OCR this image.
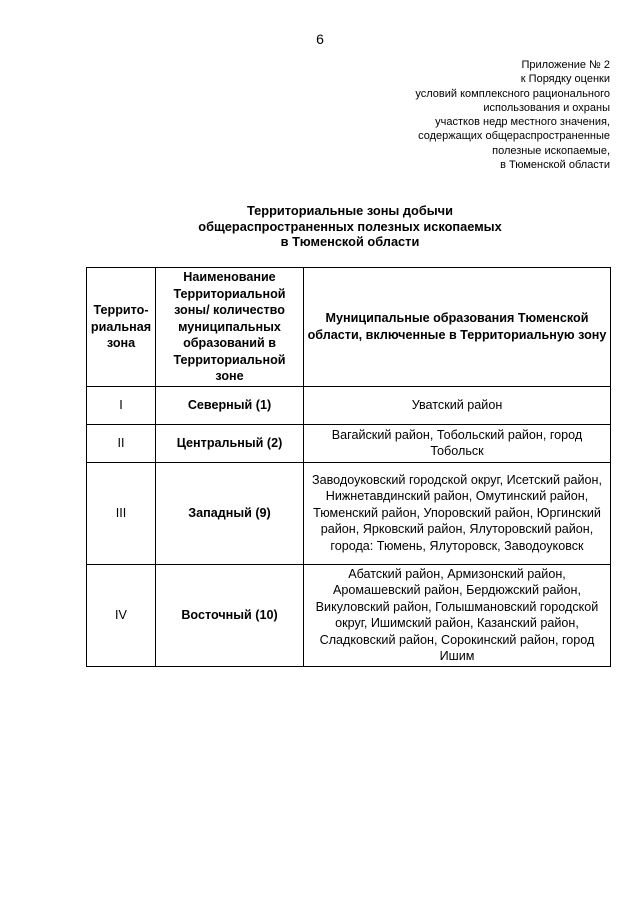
6
Приложение № 2
к Порядку оценки
условий комплексного рационального
использования и охраны
участков недр местного значения,
содержащих общераспространенные
полезные ископаемые,
в Тюменской области
Территориальные зоны добычи
общераспространенных полезных ископаемых
в Тюменской области
Террито-риальная зона	Наименование Территориальной зоны/ количество муниципальных образований в Территориальной зоне	Муниципальные образования Тюменской области, включенные в Территориальную зону
I	Северный (1)	Уватский район
II	Центральный (2)	Вагайский район, Тобольский район, город Тобольск
III	Западный (9)	Заводоуковский городской округ, Исетский район, Нижнетавдинский район, Омутинский район, Тюменский район, Упоровский район, Юргинский район, Ярковский район, Ялуторовский район, города: Тюмень, Ялуторовск, Заводоуковск
IV	Восточный (10)	Абатский район, Армизонский район, Аромашевский район, Бердюжский район, Викуловский район, Голышмановский городской округ, Ишимский район, Казанский район, Сладковский район, Сорокинский район, город Ишим
